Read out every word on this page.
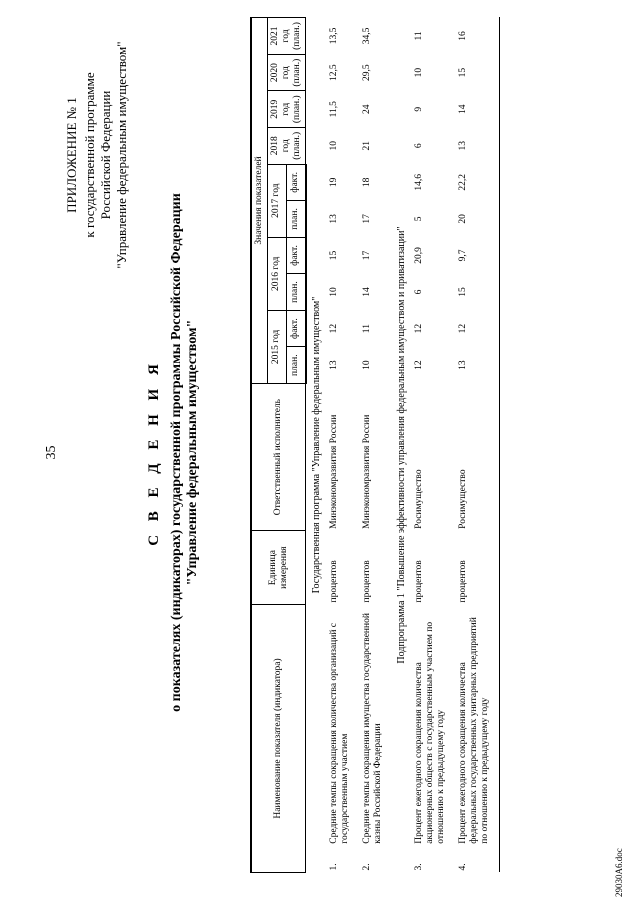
35
ПРИЛОЖЕНИЕ № 1 к государственной программе Российской Федерации "Управление федеральным имуществом"
С В Е Д Е Н И Я о показателях (индикаторах) государственной программы Российской Федерации "Управление федеральным имуществом"
Наименование показателя (индикатора)		Единица измерения	Ответственный исполнитель	Значения показателей									
				2015 год		2016 год		2017 год		2018 год (план.)	2019 год (план.)	2020 год (план.)	2021 год (план.)
				план.	факт.	план.	факт.	план.	факт.				
Государственная программа "Управление федеральным имуществом"													
1.	Средние темпы сокращения количества организаций с государственным участием	процентов	Минэкономразвития России	13	12	10	15	13	19	10	11,5	12,5	13,5
2.	Средние темпы сокращения имущества государственной казны Российской Федерации	процентов	Минэкономразвития России	10	11	14	17	17	18	21	24	29,5	34,5
Подпрограмма 1 "Повышение эффективности управления федеральным имуществом и приватизации"													
3.	Процент ежегодного сокращения количества акционерных обществ с государственным участием по отношению к предыдущему году	процентов	Росимущество	12	12	6	20,9	5	14,6	6	9	10	11
4.	Процент ежегодного сокращения количества федеральных государственных унитарных предприятий по отношению к предыдущему году	процентов	Росимущество	13	12	15	9,7	20	22,2	13	14	15	16
29030А6.doc
